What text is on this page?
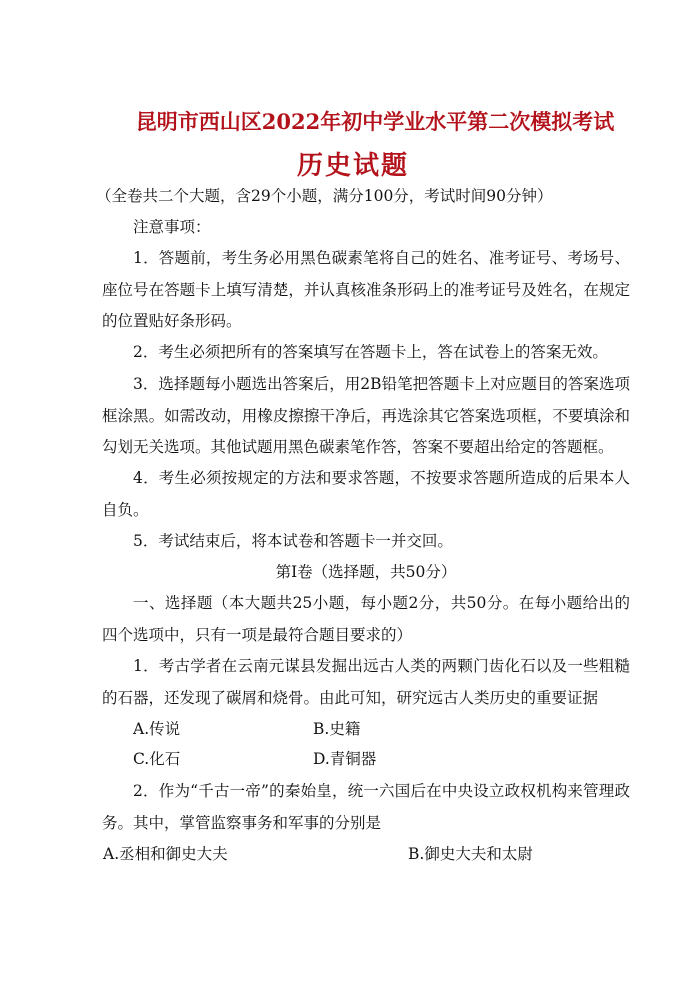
昆明市西山区2022年初中学业水平第二次模拟考试
历史试题
（全卷共二个大题，含29个小题，满分100分，考试时间90分钟）
注意事项：
1．答题前，考生务必用黑色碳素笔将自己的姓名、准考证号、考场号、座位号在答题卡上填写清楚，并认真核准条形码上的准考证号及姓名，在规定的位置贴好条形码。
2．考生必须把所有的答案填写在答题卡上，答在试卷上的答案无效。
3．选择题每小题选出答案后，用2B铅笔把答题卡上对应题目的答案选项框涂黑。如需改动，用橡皮擦擦干净后，再选涂其它答案选项框，不要填涂和勾划无关选项。其他试题用黑色碳素笔作答，答案不要超出给定的答题框。
4．考生必须按规定的方法和要求答题，不按要求答题所造成的后果本人自负。
5．考试结束后，将本试卷和答题卡一并交回。
第Ⅰ卷（选择题，共50分）
一、选择题（本大题共25小题，每小题2分，共50分。在每小题给出的四个选项中，只有一项是最符合题目要求的）
1．考古学者在云南元谋县发掘出远古人类的两颗门齿化石以及一些粗糙的石器，还发现了碳屑和烧骨。由此可知，研究远古人类历史的重要证据
A.传说	B.史籍
C.化石	D.青铜器
2．作为“千古一帝”的秦始皇，统一六国后在中央设立政权机构来管理政务。其中，掌管监察事务和军事的分别是
A.丞相和御史大夫	B.御史大夫和太尉
